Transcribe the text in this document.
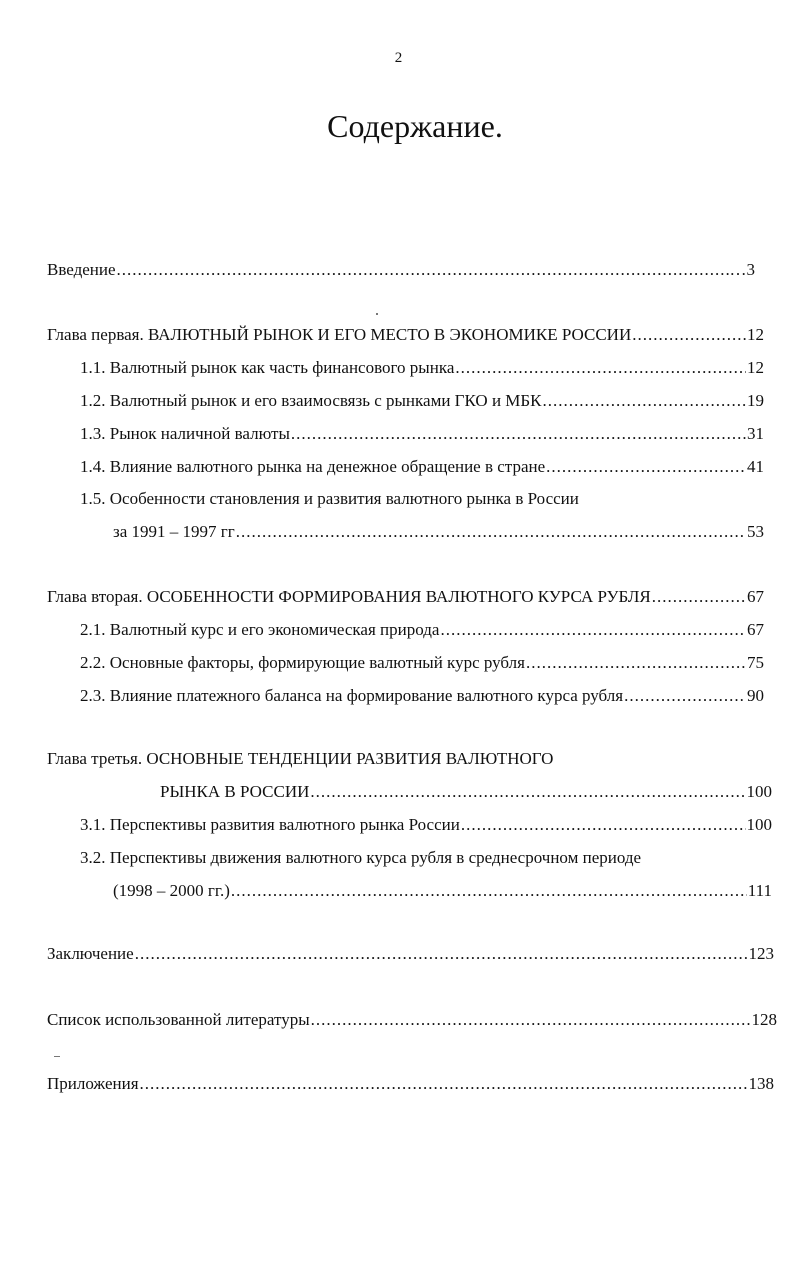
2
Содержание.
Введение .....	…3
Глава первая. ВАЛЮТНЫЙ РЫНОК И ЕГО МЕСТО В ЭКОНОМИКЕ РОССИИ .....	12
1.1. Валютный рынок как часть финансового рынка .....	12
1.2. Валютный рынок и его взаимосвязь с рынками ГКО и МБК .....	19
1.3. Рынок наличной валюты .....	31
1.4. Влияние валютного рынка на денежное обращение в стране .....	41
1.5. Особенности становления и развития валютного рынка в России
за 1991 – 1997 гг .....	53
Глава вторая. ОСОБЕННОСТИ ФОРМИРОВАНИЯ ВАЛЮТНОГО КУРСА РУБЛЯ .....	67
2.1. Валютный курс и его экономическая природа .....	67
2.2. Основные факторы, формирующие валютный курс рубля .....	75
2.3. Влияние платежного баланса на формирование валютного курса рубля .....	90
Глава третья. ОСНОВНЫЕ ТЕНДЕНЦИИ РАЗВИТИЯ ВАЛЮТНОГО
РЫНКА В РОССИИ .....	100
3.1. Перспективы развития валютного рынка России .....	100
3.2. Перспективы движения валютного курса рубля в среднесрочном периоде
(1998 – 2000 гг.) .....	111
Заключение .....	123
Список использованной литературы .....	128
Приложения .....	138
